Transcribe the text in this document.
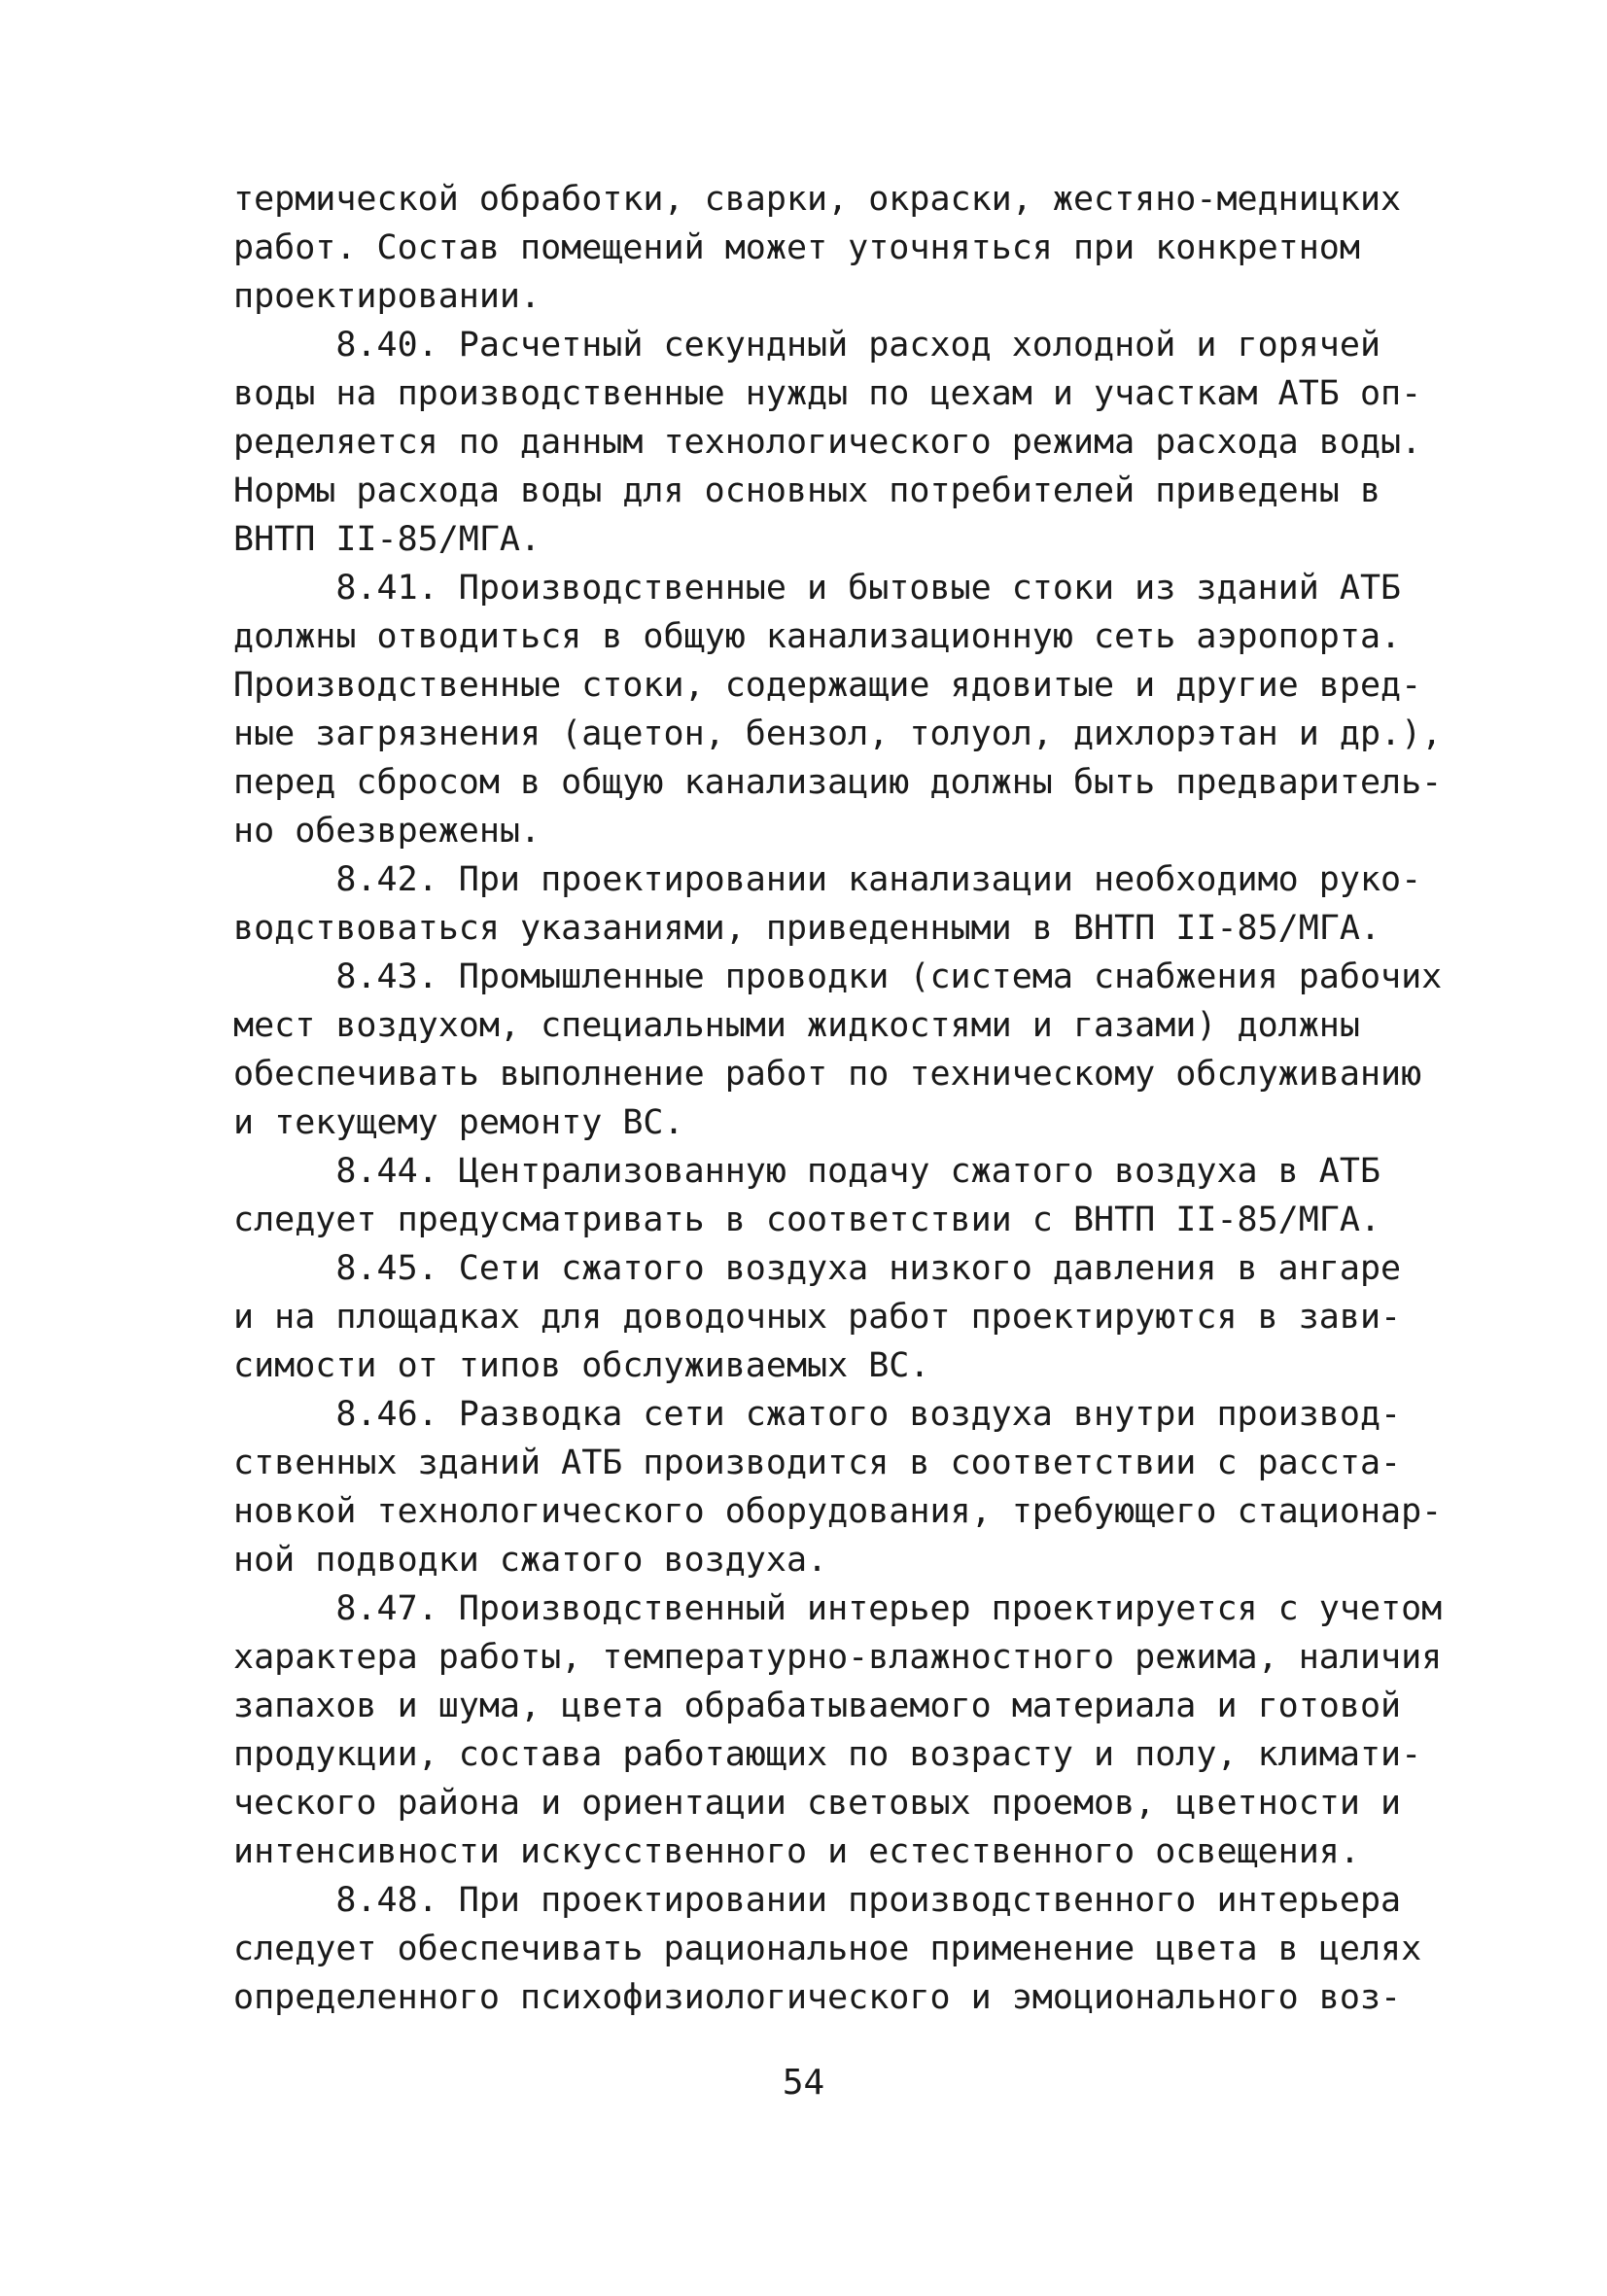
термической обработки, сварки, окраски, жестяно-медницких
работ. Состав помещений может уточняться при конкретном
проектировании.
8.40. Расчетный секундный расход холодной и горячей
воды на производственные нужды по цехам и участкам АТБ оп-
ределяется по данным технологического режима расхода воды.
Нормы расхода воды для основных потребителей приведены в
ВНТП II-85/МГА.
8.41. Производственные и бытовые стоки из зданий АТБ
должны отводиться в общую канализационную сеть аэропорта.
Производственные стоки, содержащие ядовитые и другие вред-
ные загрязнения (ацетон, бензол, толуол, дихлорэтан и др.),
перед сбросом в общую канализацию должны быть предваритель-
но обезврежены.
8.42. При проектировании канализации необходимо руко-
водствоваться указаниями, приведенными в ВНТП II-85/МГА.
8.43. Промышленные проводки (система снабжения рабочих
мест воздухом, специальными жидкостями и газами) должны
обеспечивать выполнение работ по техническому обслуживанию
и текущему ремонту ВС.
8.44. Централизованную подачу сжатого воздуха в АТБ
следует предусматривать в соответствии с ВНТП II-85/МГА.
8.45. Сети сжатого воздуха низкого давления в ангаре
и на площадках для доводочных работ проектируются в зави-
симости от типов обслуживаемых ВС.
8.46. Разводка сети сжатого воздуха внутри производ-
ственных зданий АТБ производится в соответствии с расста-
новкой технологического оборудования, требующего стационар-
ной подводки сжатого воздуха.
8.47. Производственный интерьер проектируется с учетом
характера работы, температурно-влажностного режима, наличия
запахов и шума, цвета обрабатываемого материала и готовой
продукции, состава работающих по возрасту и полу, климати-
ческого района и ориентации световых проемов, цветности и
интенсивности искусственного и естественного освещения.
8.48. При проектировании производственного интерьера
следует обеспечивать рациональное применение цвета в целях
определенного психофизиологического и эмоционального воз-
54
